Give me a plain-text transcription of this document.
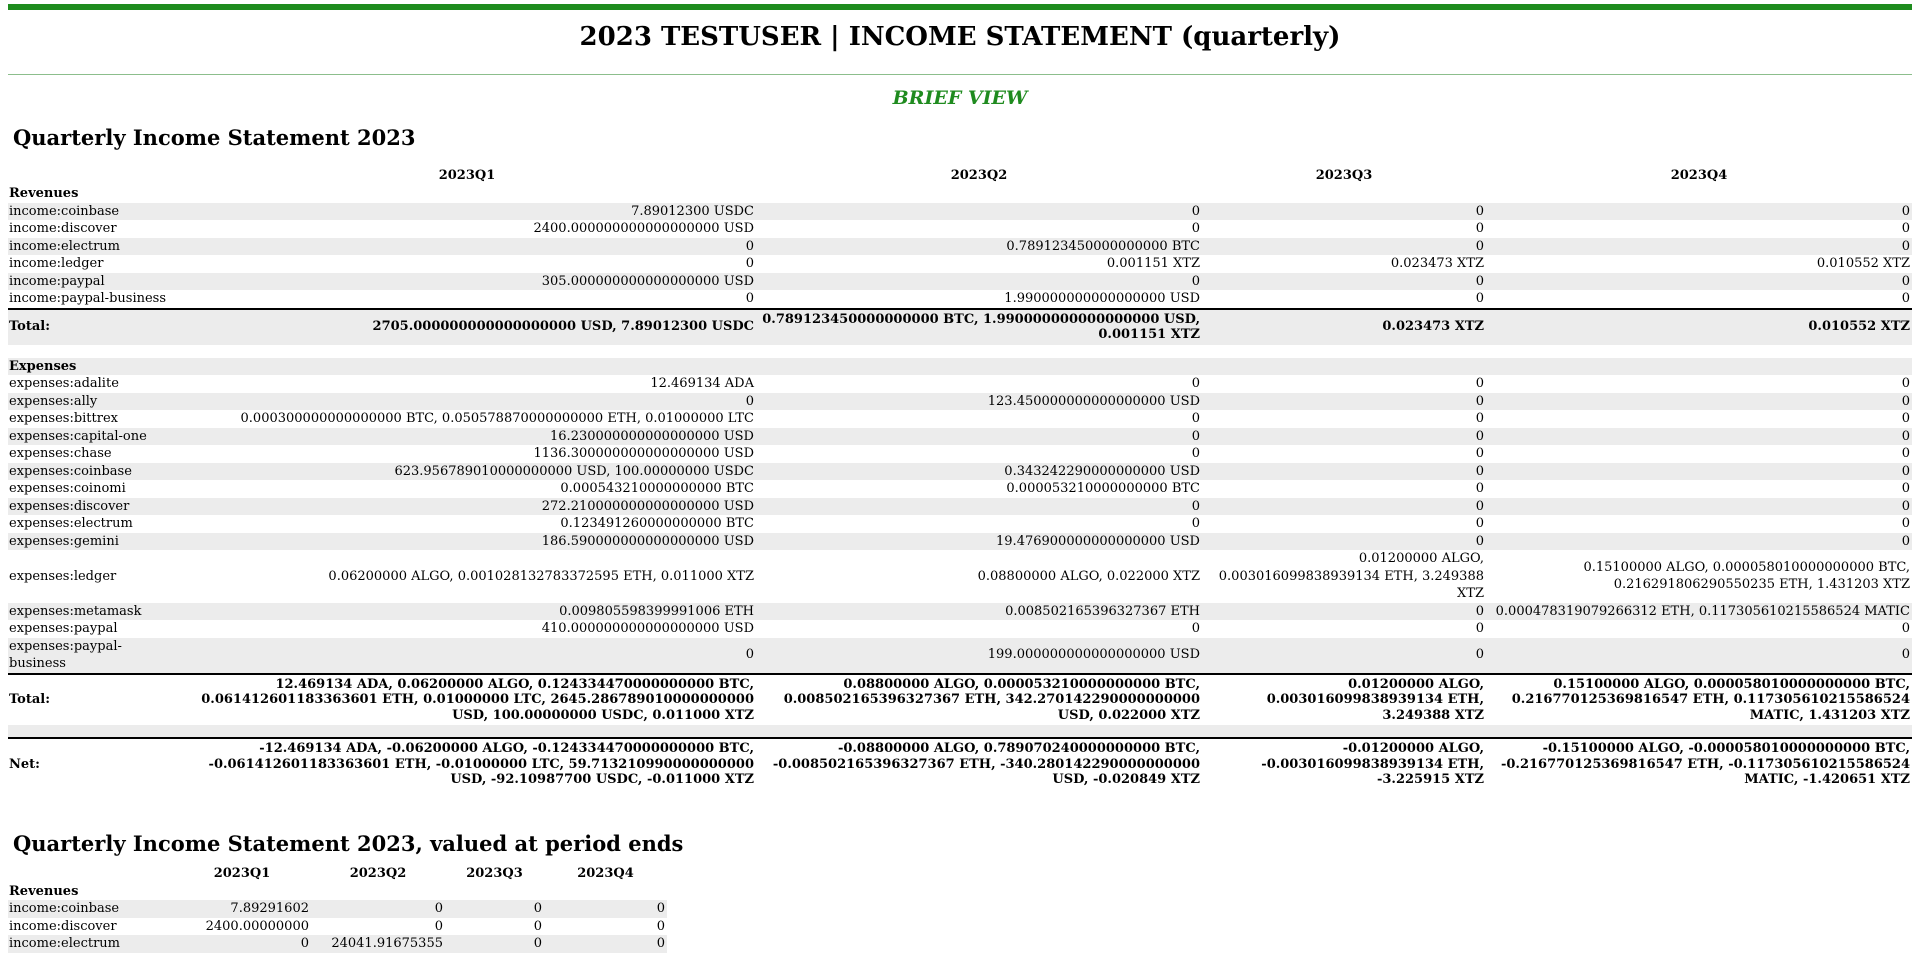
2023 TESTUSER | INCOME STATEMENT (quarterly)
BRIEF VIEW
Quarterly Income Statement 2023
	2023Q1	2023Q2	2023Q3	2023Q4
Revenues				
income:coinbase	7.89012300 USDC	0	0	0
income:discover	2400.000000000000000000 USD	0	0	0
income:electrum	0	0.789123450000000000 BTC	0	0
income:ledger	0	0.001151 XTZ	0.023473 XTZ	0.010552 XTZ
income:paypal	305.000000000000000000 USD	0	0	0
income:paypal-business	0	1.990000000000000000 USD	0	0
Total:	2705.000000000000000000 USD, 7.89012300 USDC	0.789123450000000000 BTC, 1.990000000000000000 USD, 0.001151 XTZ	0.023473 XTZ	0.010552 XTZ

Expenses				
expenses:adalite	12.469134 ADA	0	0	0
expenses:ally	0	123.450000000000000000 USD	0	0
expenses:bittrex	0.000300000000000000 BTC, 0.050578870000000000 ETH, 0.01000000 LTC	0	0	0
expenses:capital-one	16.230000000000000000 USD	0	0	0
expenses:chase	1136.300000000000000000 USD	0	0	0
expenses:coinbase	623.956789010000000000 USD, 100.00000000 USDC	0.343242290000000000 USD	0	0
expenses:coinomi	0.000543210000000000 BTC	0.000053210000000000 BTC	0	0
expenses:discover	272.210000000000000000 USD	0	0	0
expenses:electrum	0.123491260000000000 BTC	0	0	0
expenses:gemini	186.590000000000000000 USD	19.476900000000000000 USD	0	0
expenses:ledger	0.06200000 ALGO, 0.001028132783372595 ETH, 0.011000 XTZ	0.08800000 ALGO, 0.022000 XTZ	0.01200000 ALGO, 0.003016099838939134 ETH, 3.249388 XTZ	0.15100000 ALGO, 0.000058010000000000 BTC, 0.216291806290550235 ETH, 1.431203 XTZ
expenses:metamask	0.009805598399991006 ETH	0.008502165396327367 ETH	0	0.000478319079266312 ETH, 0.117305610215586524 MATIC
expenses:paypal	410.000000000000000000 USD	0	0	0
expenses:paypal-business	0	199.000000000000000000 USD	0	0
Total:	12.469134 ADA, 0.06200000 ALGO, 0.124334470000000000 BTC, 0.061412601183363601 ETH, 0.01000000 LTC, 2645.286789010000000000 USD, 100.00000000 USDC, 0.011000 XTZ	0.08800000 ALGO, 0.000053210000000000 BTC, 0.008502165396327367 ETH, 342.270142290000000000 USD, 0.022000 XTZ	0.01200000 ALGO, 0.003016099838939134 ETH, 3.249388 XTZ	0.15100000 ALGO, 0.000058010000000000 BTC, 0.216770125369816547 ETH, 0.117305610215586524 MATIC, 1.431203 XTZ

Net:	-12.469134 ADA, -0.06200000 ALGO, -0.124334470000000000 BTC, -0.061412601183363601 ETH, -0.01000000 LTC, 59.713210990000000000 USD, -92.10987700 USDC, -0.011000 XTZ	-0.08800000 ALGO, 0.789070240000000000 BTC, -0.008502165396327367 ETH, -340.280142290000000000 USD, -0.020849 XTZ	-0.01200000 ALGO, -0.003016099838939134 ETH, -3.225915 XTZ	-0.15100000 ALGO, -0.000058010000000000 BTC, -0.216770125369816547 ETH, -0.117305610215586524 MATIC, -1.420651 XTZ
Quarterly Income Statement 2023, valued at period ends
	2023Q1	2023Q2	2023Q3	2023Q4
Revenues				
income:coinbase	7.89291602	0	0	0
income:discover	2400.00000000	0	0	0
income:electrum	0	24041.91675355	0	0
